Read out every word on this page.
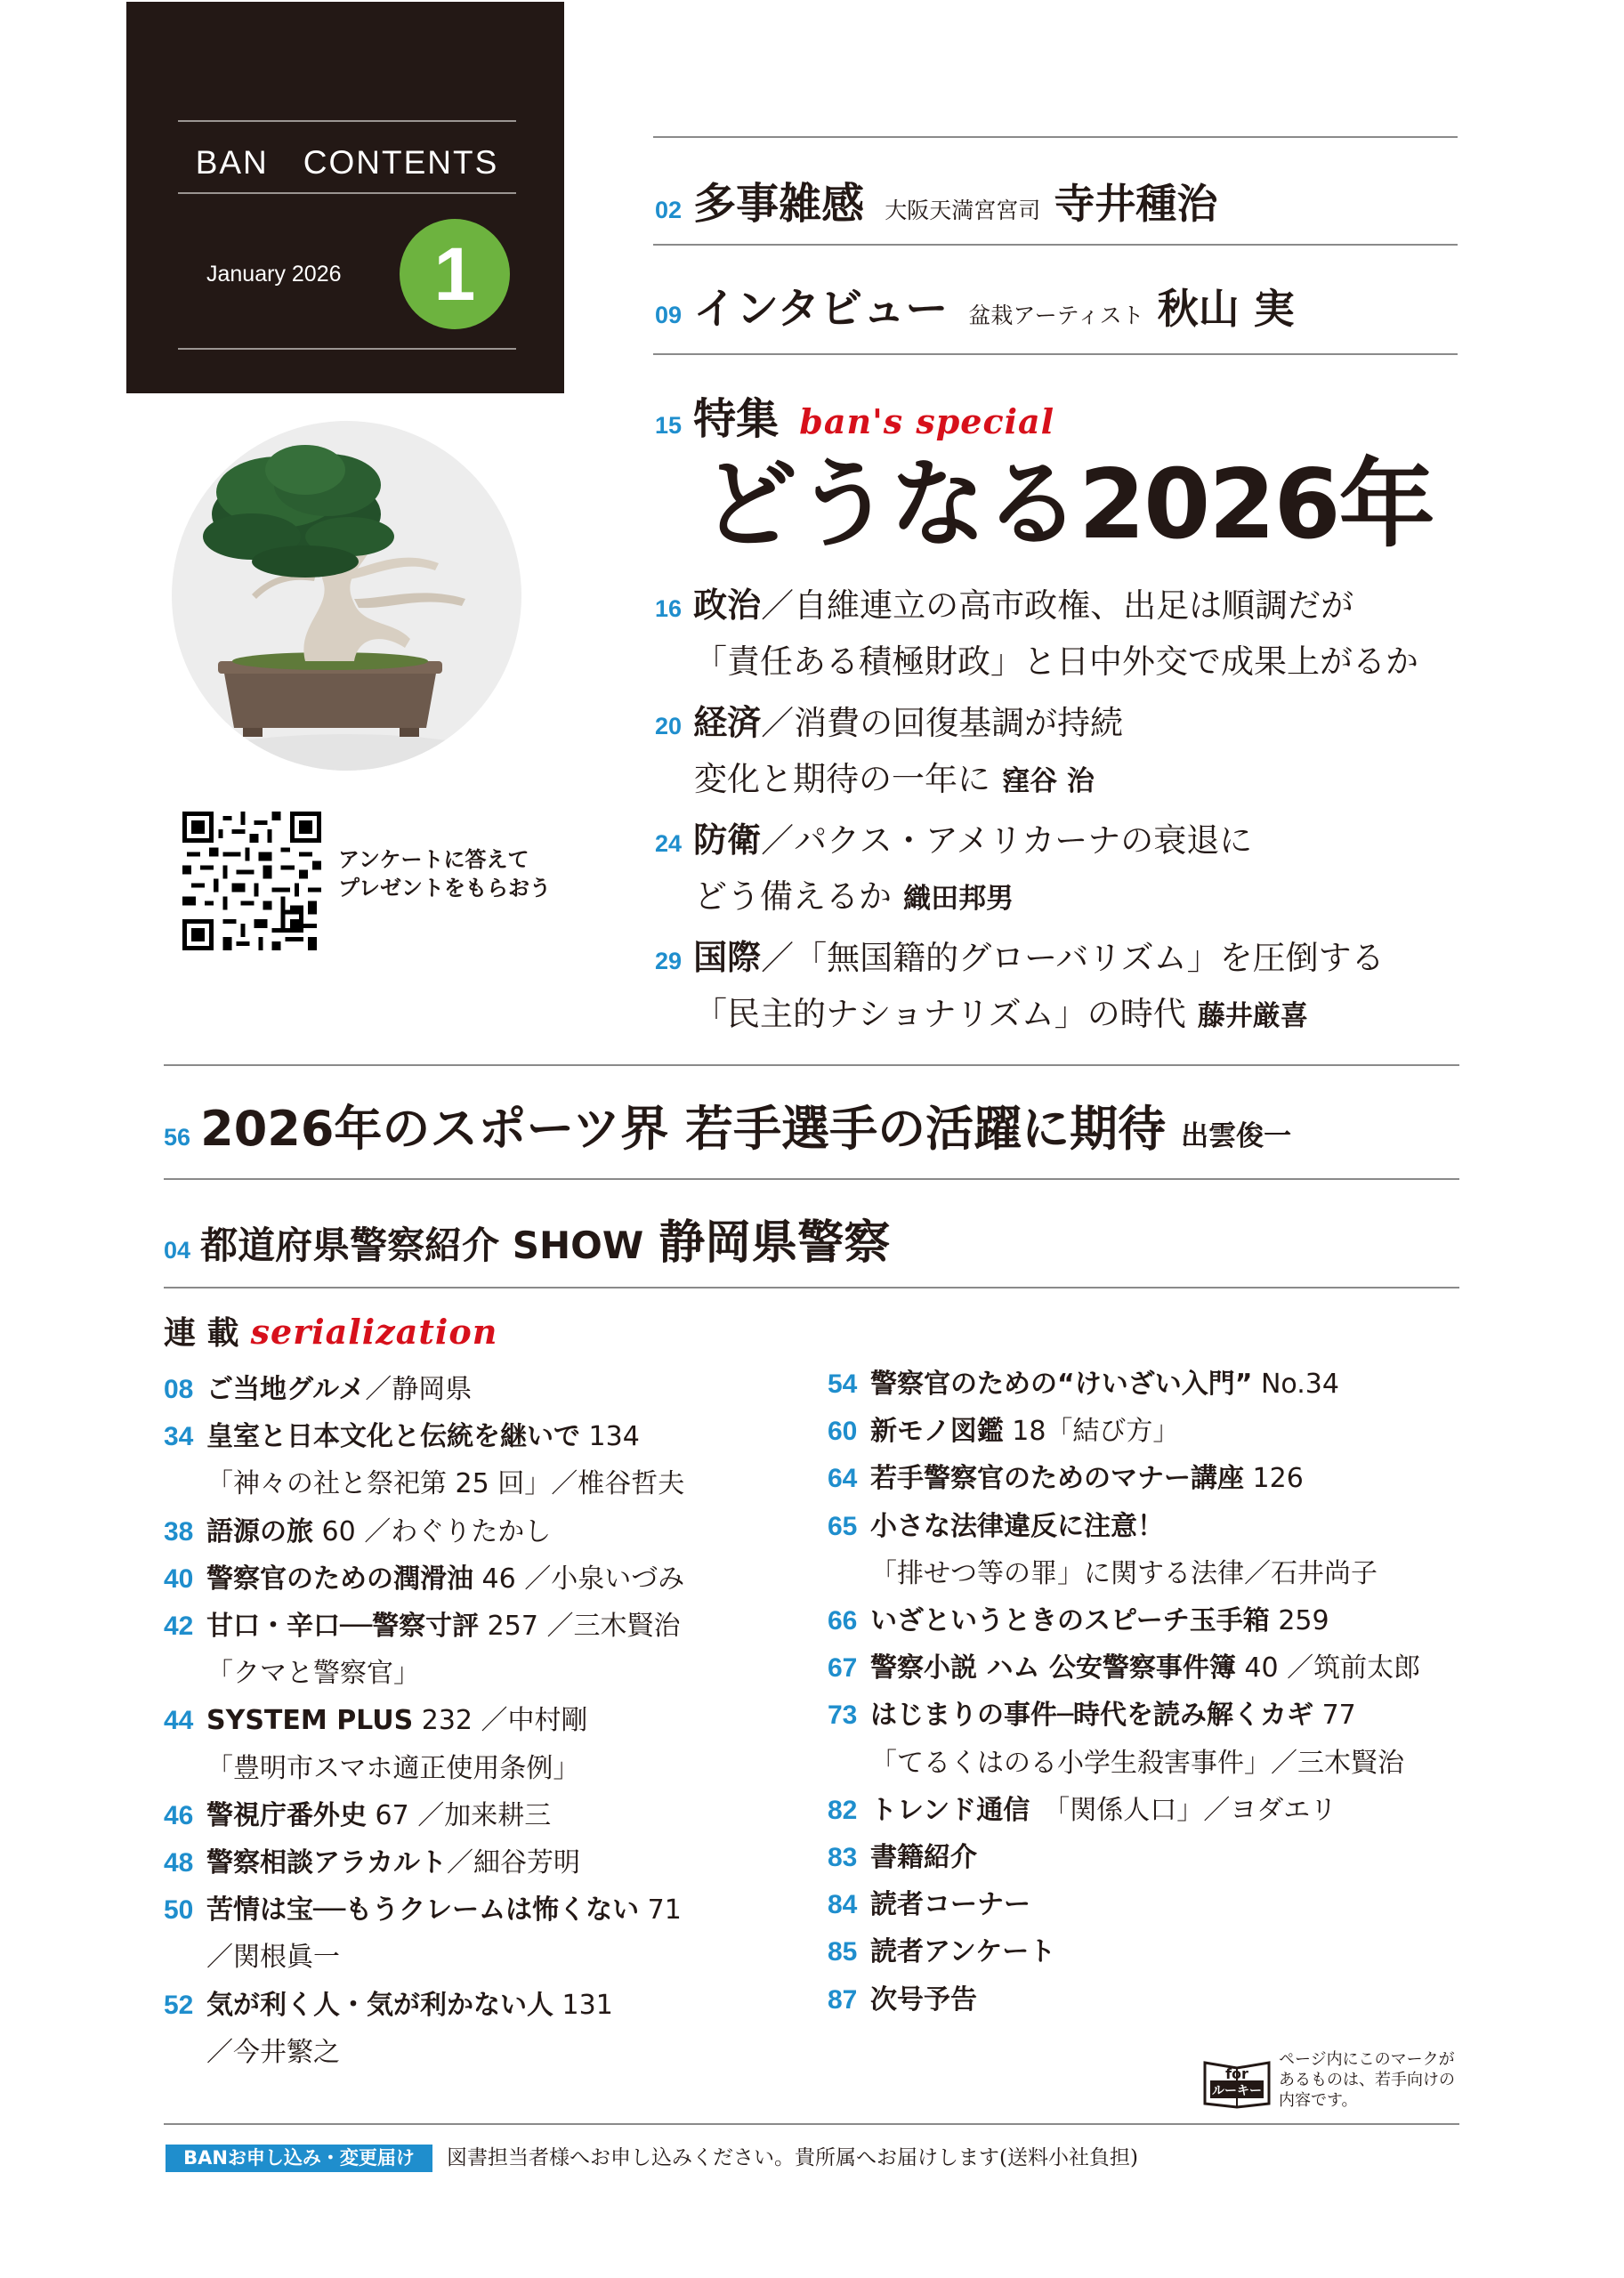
BAN　CONTENTS
January 2026	1
アンケートに答えて
プレゼントをもらおう
02 多事雑感 大阪天満宮宮司 寺井種治
09 インタビュー 盆栽アーティスト 秋山 実
15 特集 ban's special
どうなる2026年
16 政治／自維連立の高市政権、出足は順調だが
「責任ある積極財政」と日中外交で成果上がるか
20 経済／消費の回復基調が持続
変化と期待の一年に 窪谷 治
24 防衛／パクス・アメリカーナの衰退に
どう備えるか 織田邦男
29 国際／「無国籍的グローバリズム」を圧倒する
「民主的ナショナリズム」の時代 藤井厳喜
56 2026年のスポーツ界 若手選手の活躍に期待 出雲俊一
04 都道府県警察紹介 SHOW 静岡県警察
連 載 serialization
08 ご当地グルメ／静岡県
34 皇室と日本文化と伝統を継いで 134
「神々の社と祭祀第 25 回」／椎谷哲夫
38 語源の旅 60 ／わぐりたかし
40 警察官のための潤滑油 46 ／小泉いづみ
42 甘口・辛口──警察寸評 257 ／三木賢治
「クマと警察官」
44 SYSTEM PLUS 232 ／中村剛
「豊明市スマホ適正使用条例」
46 警視庁番外史 67 ／加来耕三
48 警察相談アラカルト／細谷芳明
50 苦情は宝──もうクレームは怖くない 71
／関根眞一
52 気が利く人・気が利かない人 131
／今井繁之
54 警察官のための“けいざい入門” No.34
60 新モノ図鑑 18「結び方」
64 若手警察官のためのマナー講座 126
65 小さな法律違反に注意！
「排せつ等の罪」に関する法律／石井尚子
66 いざというときのスピーチ玉手箱 259
67 警察小説 ハム 公安警察事件簿 40 ／筑前太郎
73 はじまりの事件─時代を読み解くカギ 77
「てるくはのる小学生殺害事件」／三木賢治
82 トレンド通信　「関係人口」／ヨダエリ
83 書籍紹介
84 読者コーナー
85 読者アンケート
87 次号予告
for
ルーキー
ページ内にこのマークが
あるものは、若手向けの
内容です。
BANお申し込み・変更届け	図書担当者様へお申し込みください。貴所属へお届けします(送料小社負担)
